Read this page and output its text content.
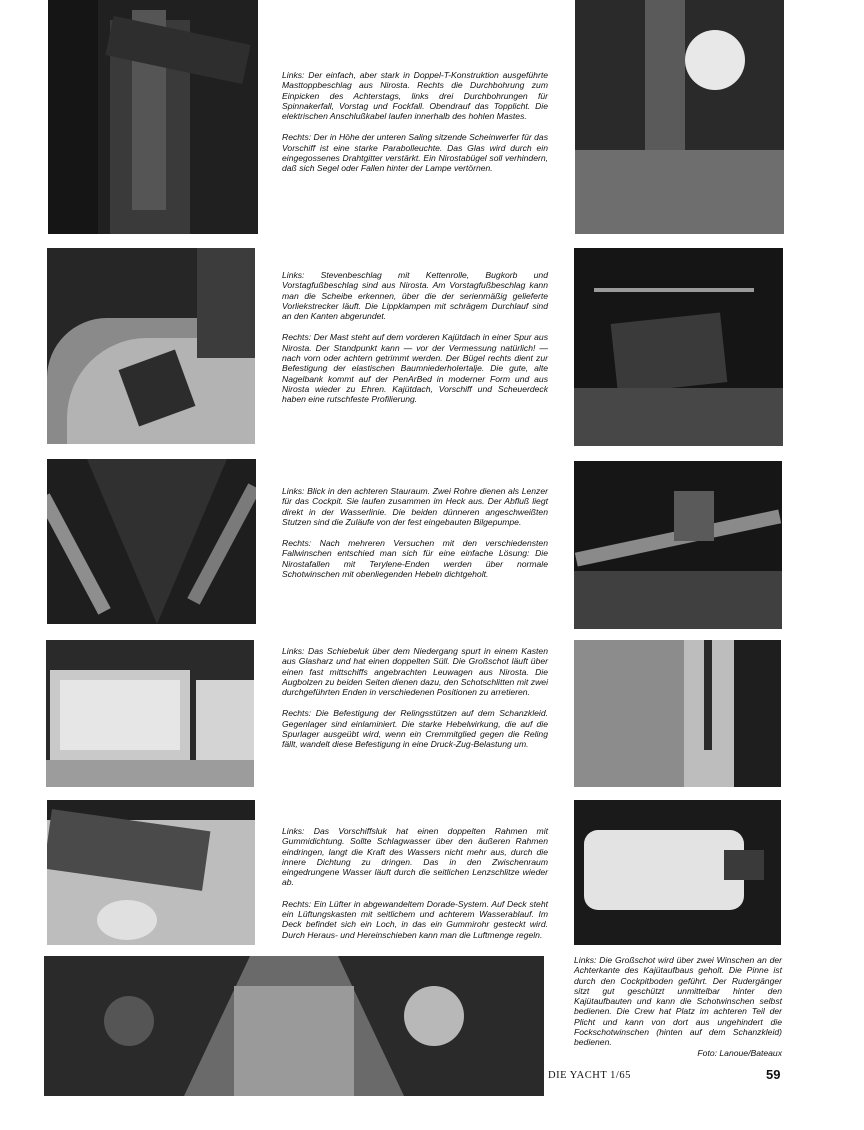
Links: Der einfach, aber stark in Doppel-T-Konstruktion ausgeführte Masttoppbeschlag aus Nirosta. Rechts die Durchbohrung zum Einpicken des Achterstags, links drei Durchbohrungen für Spinnakerfall, Vorstag und Fockfall. Obendrauf das Topplicht. Die elektrischen Anschlußkabel laufen innerhalb des hohlen Mastes.

Rechts: Der in Höhe der unteren Saling sitzende Scheinwerfer für das Vorschiff ist eine starke Parabolleuchte. Das Glas wird durch ein eingegossenes Drahtgitter verstärkt. Ein Nirostabügel soll verhindern, daß sich Segel oder Fallen hinter der Lampe vertörnen.

Links: Stevenbeschlag mit Kettenrolle, Bugkorb und Vorstagfußbeschlag sind aus Nirosta. Am Vorstagfußbeschlag kann man die Scheibe erkennen, über die der serienmäßig gelieferte Vorliekstrecker läuft. Die Lippklampen mit schrägem Durchlauf sind an den Kanten abgerundet.

Rechts: Der Mast steht auf dem vorderen Kajütdach in einer Spur aus Nirosta. Der Standpunkt kann — vor der Vermessung natürlich! — nach vorn oder achtern getrimmt werden. Der Bügel rechts dient zur Befestigung der elastischen Baumniederholertalje. Die gute, alte Nagelbank kommt auf der PenArBed in moderner Form und aus Nirosta wieder zu Ehren. Kajütdach, Vorschiff und Scheuerdeck haben eine rutschfeste Profilierung.

Links: Blick in den achteren Stauraum. Zwei Rohre dienen als Lenzer für das Cockpit. Sie laufen zusammen im Heck aus. Der Abfluß liegt direkt in der Wasserlinie. Die beiden dünneren angeschweißten Stutzen sind die Zuläufe von der fest eingebauten Bilgepumpe.

Rechts: Nach mehreren Versuchen mit den verschiedensten Fallwinschen entschied man sich für eine einfache Lösung: Die Nirostafallen mit Terylene-Enden werden über normale Schotwinschen mit obenliegenden Hebeln dichtgeholt.

Links: Das Schiebeluk über dem Niedergang spurt in einem Kasten aus Glasharz und hat einen doppelten Süll. Die Großschot läuft über einen fast mittschiffs angebrachten Leuwagen aus Nirosta. Die Augbolzen zu beiden Seiten dienen dazu, den Schotschlitten mit zwei durchgeführten Enden in verschiedenen Positionen zu arretieren.

Rechts: Die Befestigung der Relingsstützen auf dem Schanzkleid. Gegenlager sind einlaminiert. Die starke Hebelwirkung, die auf die Spurlager ausgeübt wird, wenn ein Cremmitglied gegen die Reling fällt, wandelt diese Befestigung in eine Druck-Zug-Belastung um.

Links: Das Vorschiffsluk hat einen doppelten Rahmen mit Gummidichtung. Sollte Schlagwasser über den äußeren Rahmen eindringen, langt die Kraft des Wassers nicht mehr aus, durch die innere Dichtung zu dringen. Das in den Zwischenraum eingedrungene Wasser läuft durch die seitlichen Lenzschlitze wieder ab.

Rechts: Ein Lüfter in abgewandeltem Dorade-System. Auf Deck steht ein Lüftungskasten mit seitlichem und achterem Wasserablauf. Im Deck befindet sich ein Loch, in das ein Gummirohr gesteckt wird. Durch Heraus- und Hereinschieben kann man die Luftmenge regeln.

Links: Die Großschot wird über zwei Winschen an der Achterkante des Kajütaufbaus geholt. Die Pinne ist durch den Cockpitboden geführt. Der Rudergänger sitzt gut geschützt unmittelbar hinter den Kajütaufbauten und kann die Schotwinschen selbst bedienen. Die Crew hat Platz im achteren Teil der Plicht und kann von dort aus ungehindert die Fockschotwinschen (hinten auf dem Schanzkleid) bedienen.
Foto: Lanoue/Bateaux
DIE YACHT 1/65	59
